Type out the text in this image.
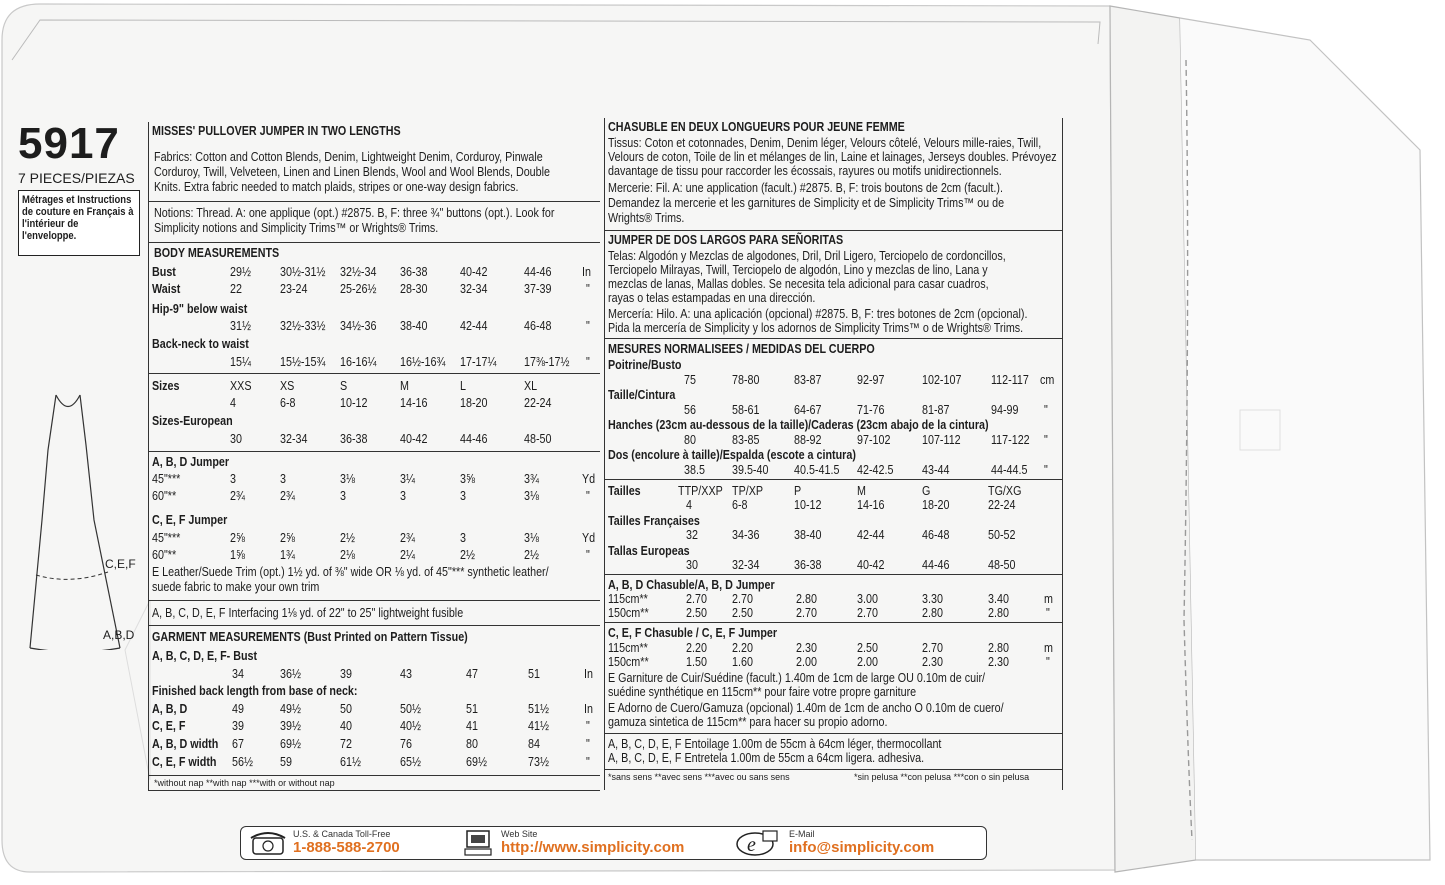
5917
7 PIECES/PIEZAS
Métrages et Instructions
de couture en Français à
l'intérieur de
l'enveloppe.
C,E,F
A,B,D
MISSES' PULLOVER JUMPER IN TWO LENGTHS
Fabrics: Cotton and Cotton Blends, Denim, Lightweight Denim, Corduroy, Pinwale
Corduroy, Twill, Velveteen, Linen and Linen Blends, Wool and Wool Blends, Double
Knits. Extra fabric needed to match plaids, stripes or one-way design fabrics.
Notions: Thread. A: one applique (opt.) #2875. B, F: three ¾" buttons (opt.). Look for
Simplicity notions and Simplicity Trims™ or Wrights® Trims.
BODY MEASUREMENTS
Bust	29½ 30½-31½ 32½-34 36-38	40-42	44-46 In
Waist	22	23-24	25-26½ 28-30	32-34	37-39	"
Hip-9" below waist
31½ 32½-33½ 34½-36 38-40	42-44	46-48	"
Back-neck to waist
15¼ 15½-15¾ 16-16¼ 16½-16¾ 17-17¼ 17⅜-17½ "
Sizes	XXS XS	S	M	L	XL
4	6-8	10-12	14-16	18-20	22-24
Sizes-European
30	32-34	36-38	40-42	44-46	48-50
A, B, D Jumper
45"***	3	3	3⅛	3¼	3⅝	3¾	Yd
60"**	2¾	2¾	3	3	3	3⅛	"
C, E, F Jumper
45"***	2⅝	2⅝	2½	2¾	3	3⅛	Yd
60"**	1⅝	1¾	2⅛	2¼	2½	2½	"
E Leather/Suede Trim (opt.) 1½ yd. of ⅜" wide OR ⅛ yd. of 45"*** synthetic leather/
suede fabric to make your own trim
A, B, C, D, E, F Interfacing 1⅛ yd. of 22" to 25" lightweight fusible
GARMENT MEASUREMENTS (Bust Printed on Pattern Tissue)
A, B, C, D, E, F- Bust
34	36½	39	43	47	51	In
Finished back length from base of neck:
A, B, D	49	49½	50	50½	51	51½	In
C, E, F	39	39½	40	40½	41	41½	"
A, B, D width 67	69½	72	76	80	84	"
C, E, F width 56½ 59	61½	65½	69½	73½	"
*without nap **with nap ***with or without nap
CHASUBLE EN DEUX LONGUEURS POUR JEUNE FEMME
Tissus: Coton et cotonnades, Denim, Denim léger, Velours côtelé, Velours mille-raies, Twill,
Velours de coton, Toile de lin et mélanges de lin, Laine et lainages, Jerseys doubles. Prévoyez
davantage de tissu pour raccorder les écossais, rayures ou motifs unidirectionnels.
Mercerie: Fil. A: une application (facult.) #2875. B, F: trois boutons de 2cm (facult.).
Demandez la mercerie et les garnitures de Simplicity et de Simplicity Trims™ ou de
Wrights® Trims.
JUMPER DE DOS LARGOS PARA SEÑORITAS
Telas: Algodón y Mezclas de algodones, Dril, Dril Ligero, Terciopelo de cordoncillos,
Terciopelo Milrayas, Twill, Terciopelo de algodón, Lino y mezclas de lino, Lana y
mezclas de lanas, Mallas dobles. Se necesita tela adicional para casar cuadros,
rayas o telas estampadas en una dirección.
Mercería: Hilo. A: una aplicación (opcional) #2875. B, F: tres botones de 2cm (opcional).
Pida la mercería de Simplicity y los adornos de Simplicity Trims™ o de Wrights® Trims.
MESURES NORMALISEES / MEDIDAS DEL CUERPO
Poitrine/Busto
75	78-80	83-87	92-97	102-107 112-117 cm
Taille/Cintura
56	58-61	64-67	71-76	81-87	94-99 "
Hanches (23cm au-dessous de la taille)/Caderas (23cm abajo de la cintura)
80	83-85	88-92	97-102	107-112 117-122 "
Dos (encolure à taille)/Espalda (escote a cintura)
38.5 39.5-40 40.5-41.5 42-42.5 43-44	44-44.5 "
Tailles	TTP/XXP TP/XP P	M	G	TG/XG
4	6-8	10-12	14-16	18-20	22-24
Tailles Françaises
32	34-36	38-40	42-44	46-48	50-52
Tallas Europeas
30	32-34	36-38	40-42	44-46	48-50
A, B, D Chasuble/A, B, D Jumper
115cm**	2.70 2.70	2.80	3.00	3.30	3.40	m
150cm**	2.50 2.50	2.70	2.70	2.80	2.80	"
C, E, F Chasuble / C, E, F Jumper
115cm**	2.20 2.20	2.30	2.50	2.70	2.80	m
150cm**	1.50 1.60	2.00	2.00	2.30	2.30	"
E Garniture de Cuir/Suédine (facult.) 1.40m de 1cm de large OU 0.10m de cuir/
suédine synthétique en 115cm** pour faire votre propre garniture
E Adorno de Cuero/Gamuza (opcional) 1.40m de 1cm de ancho O 0.10m de cuero/
gamuza sintetica de 115cm** para hacer su propio adorno.
A, B, C, D, E, F Entoilage 1.00m de 55cm à 64cm léger, thermocollant
A, B, C, D, E, F Entretela 1.00m de 55cm a 64cm ligera. adhesiva.
*sans sens **avec sens ***avec ou sans sens	*sin pelusa **con pelusa ***con o sin pelusa
U.S. & Canada Toll-Free
1-888-588-2700
Web Site
http://www.simplicity.com	e	E-Mail
info@simplicity.com
